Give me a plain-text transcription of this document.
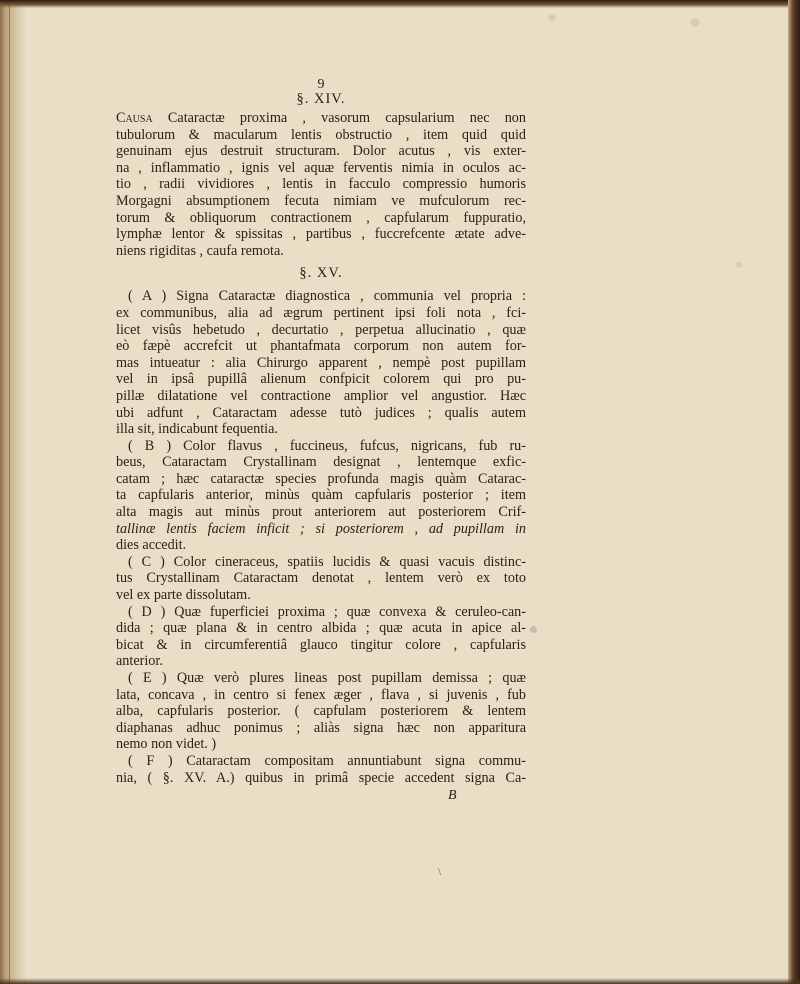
9

§. XIV.

Causa Cataractæ proxima , vasorum capsularium nec non
tubulorum & macularum lentis obstructio , item quid quid
genuinam ejus destruit structuram. Dolor acutus , vis exter-
na , inflammatio , ignis vel aquæ ferventis nimia in oculos ac-
tio , radii vividiores , lentis in facculo compressio humoris
Morgagni absumptionem fecuta nimiam ve mufculorum rec-
torum & obliquorum contractionem , capfularum fuppuratio,
lymphæ lentor & spissitas , partibus , fuccrefcente ætate adve-
niens rigiditas , caufa remota.

§. XV.

( A ) Signa Cataractæ diagnostica , communia vel propria :
ex communibus, alia ad ægrum pertinent ipsi foli nota , fci-
licet visûs hebetudo , decurtatio , perpetua allucinatio , quæ
eò fæpè accrefcit ut phantafmata corporum non autem for-
mas intueatur : alia Chirurgo apparent , nempè post pupillam
vel in ipsâ pupillâ alienum confpicit colorem qui pro pu-
pillæ dilatatione vel contractione amplior vel angustior. Hæc
ubi adfunt , Cataractam adesse tutò judices ; qualis autem
illa sit, indicabunt fequentia.
( B ) Color flavus , fuccineus, fufcus, nigricans, fub ru-
beus, Cataractam Crystallinam designat , lentemque exfic-
catam ; hæc cataractæ species profunda magis quàm Catarac-
ta capfularis anterior, minùs quàm capfularis posterior ; item
alta magis aut minùs prout anteriorem aut posteriorem Crif-
tallinæ lentis faciem inficit ; si posteriorem , ad pupillam in
dies accedit.
( C ) Color cineraceus, spatiis lucidis & quasi vacuis distinc-
tus Crystallinam Cataractam denotat , lentem verò ex toto
vel ex parte dissolutam.
( D ) Quæ fuperficiei proxima ; quæ convexa & ceruleo-can-
dida ; quæ plana & in centro albida ; quæ acuta in apice al-
bicat & in circumferentiâ glauco tingitur colore , capfularis
anterior.
( E ) Quæ verò plures lineas post pupillam demissa ; quæ
lata, concava , in centro si fenex æger , flava , si juvenis , fub
alba, capfularis posterior. ( capfulam posteriorem & lentem
diaphanas adhuc ponimus ; aliàs signa hæc non apparitura
nemo non videt. )
( F ) Cataractam compositam annuntiabunt signa commu-
nia, ( §. XV. A.) quibus in primâ specie accedent signa Ca-
B
\
